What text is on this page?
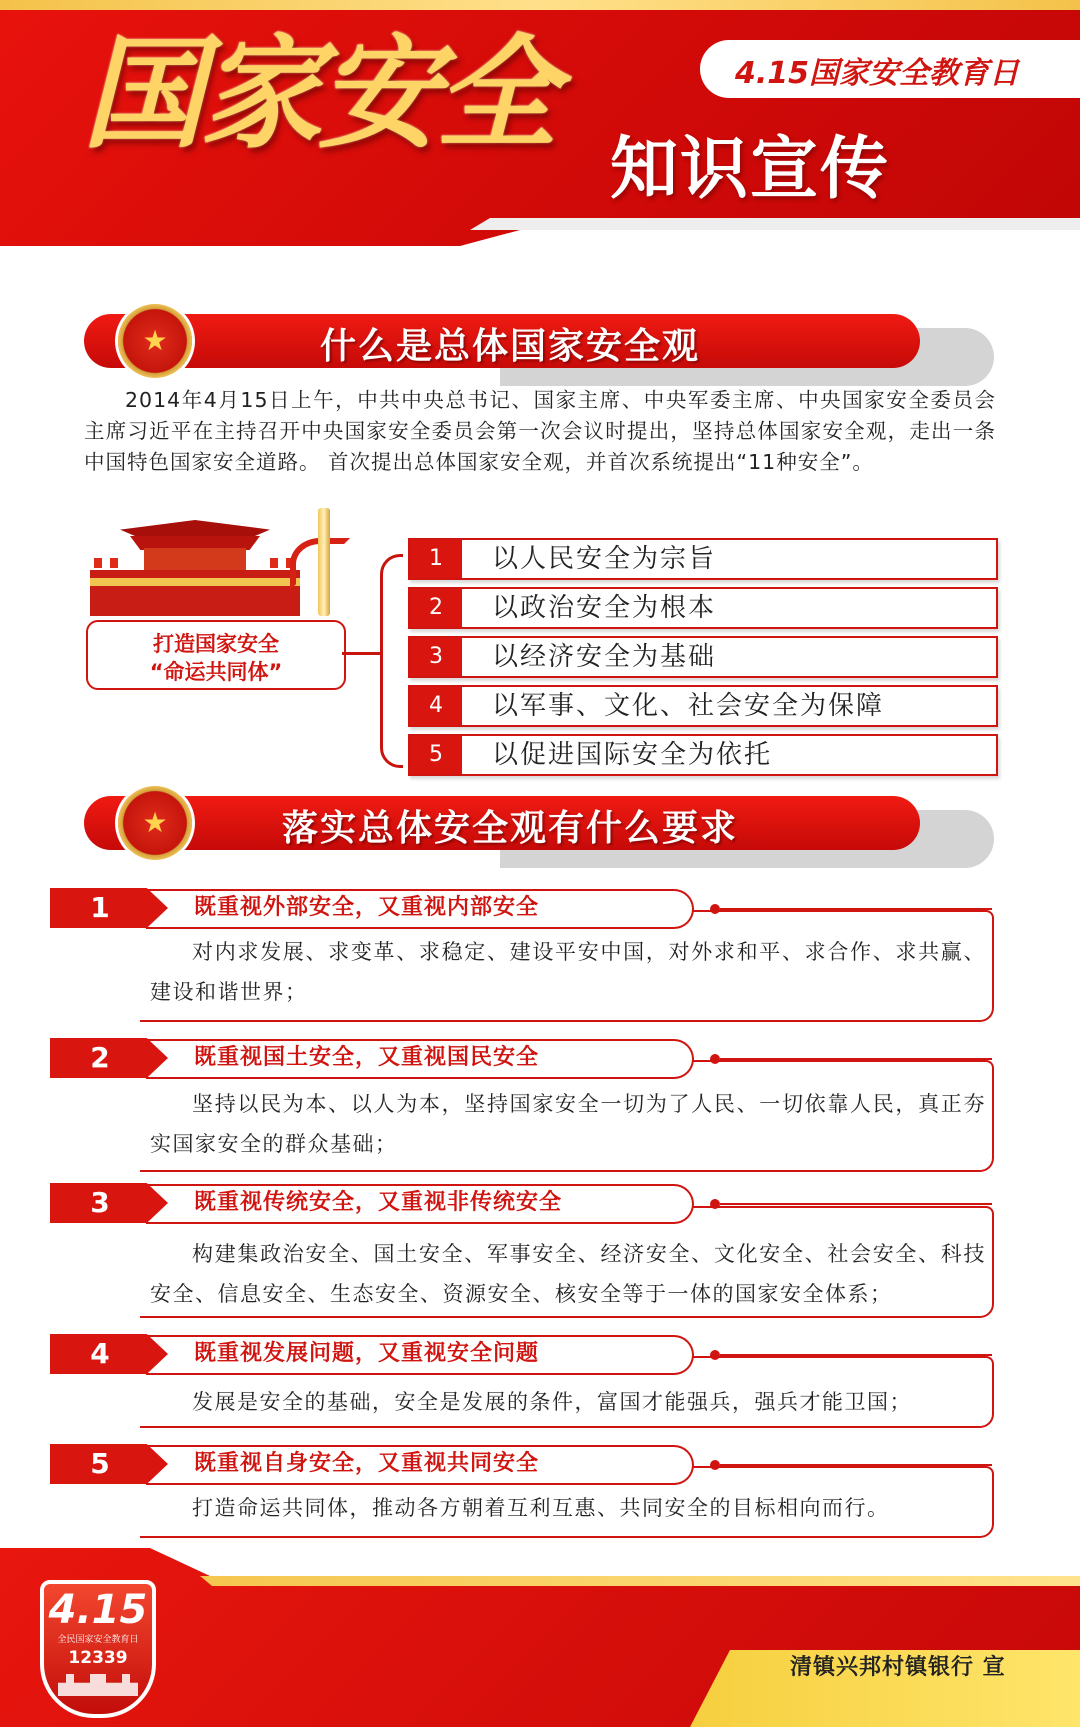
国家安全	4.15国家安全教育日
知识宣传
★	什么是总体国家安全观
2014年4月15日上午，中共中央总书记、国家主席、中央军委主席、中央国家安全委员会主席习近平在主持召开中央国家安全委员会第一次会议时提出，坚持总体国家安全观，走出一条中国特色国家安全道路。 首次提出总体国家安全观，并首次系统提出“11种安全”。
打造国家安全
“命运共同体”
1	以人民安全为宗旨
2	以政治安全为根本
3	以经济安全为基础
4	以军事、文化、社会安全为保障
5	以促进国际安全为依托
★	落实总体安全观有什么要求
1	既重视外部安全，又重视内部安全
对内求发展、求变革、求稳定、建设平安中国，对外求和平、求合作、求共赢、建设和谐世界；
2	既重视国土安全，又重视国民安全
坚持以民为本、以人为本，坚持国家安全一切为了人民、一切依靠人民，真正夯实国家安全的群众基础；
3	既重视传统安全，又重视非传统安全
构建集政治安全、国土安全、军事安全、经济安全、文化安全、社会安全、科技安全、信息安全、生态安全、资源安全、核安全等于一体的国家安全体系；
4	既重视发展问题，又重视安全问题
发展是安全的基础，安全是发展的条件，富国才能强兵，强兵才能卫国；
5	既重视自身安全，又重视共同安全
打造命运共同体，推动各方朝着互利互惠、共同安全的目标相向而行。
4.15
全民国家安全教育日
12339	清镇兴邦村镇银行 宣
